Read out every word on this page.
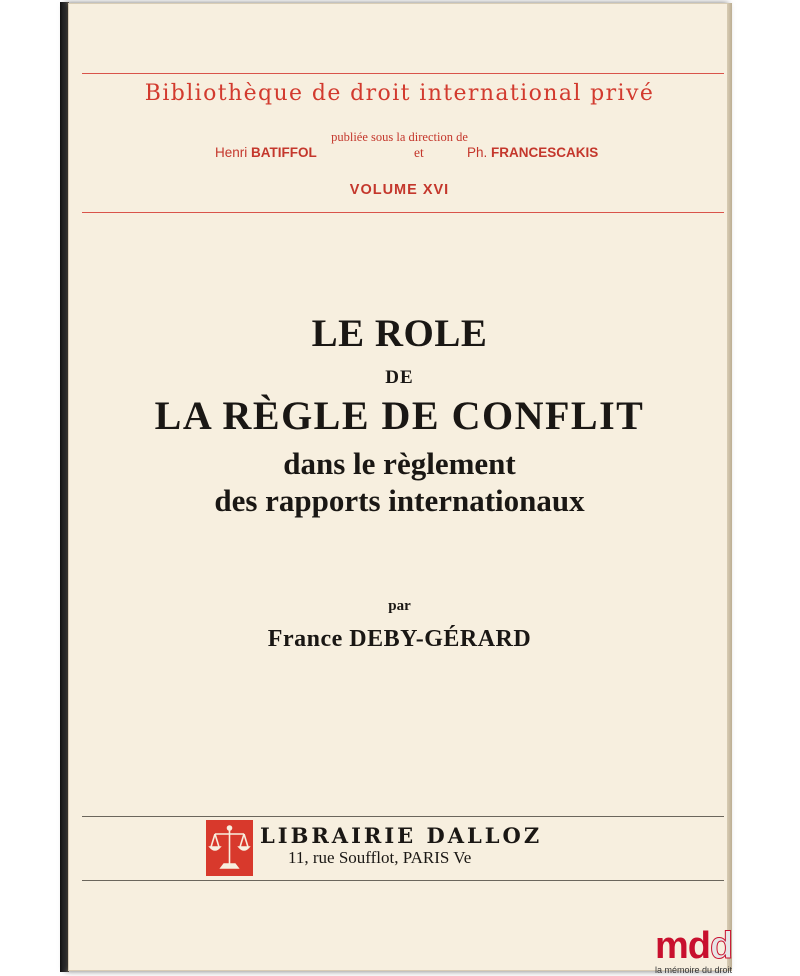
Bibliothèque de droit international privé
publiée sous la direction de
Henri BATIFFOL	et	Ph. FRANCESCAKIS
VOLUME XVI
LE ROLE
DE
LA RÈGLE DE CONFLIT
dans le règlement
des rapports internationaux
par
France DEBY-GÉRARD
LIBRAIRIE DALLOZ
11, rue Soufflot, PARIS Ve
mdd
la mémoire du droit
